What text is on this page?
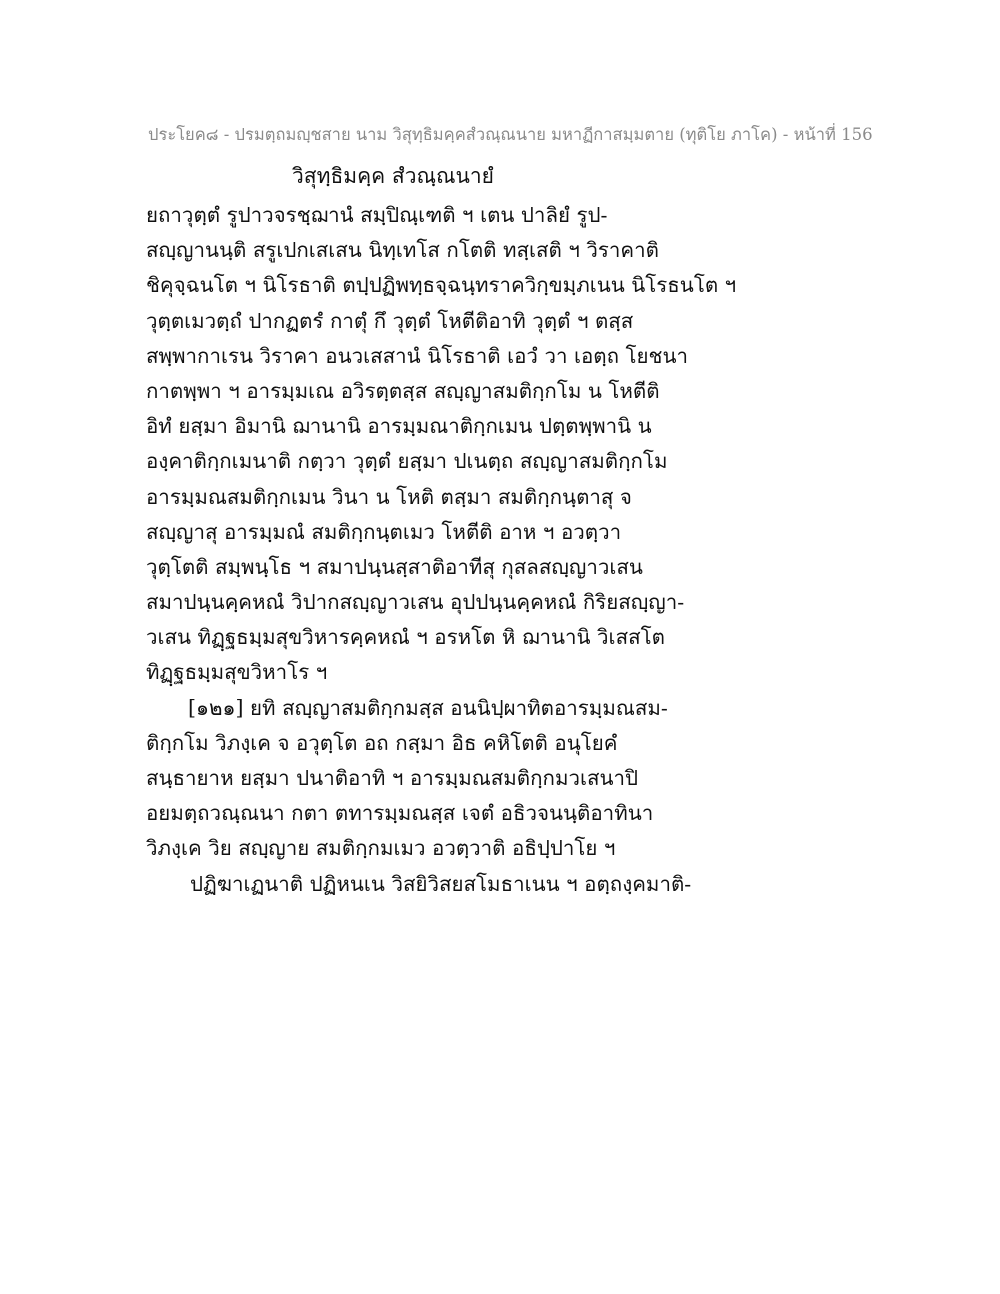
ประโยค๘ - ปรมตฺถมญฺชสาย นาม วิสุทฺธิมคฺคสํวณฺณนาย มหาฏีกาสมฺมตาย (ทุติโย ภาโค) - หน้าที่ 156
วิสุทฺธิมคฺค สํวณฺณนายํ
ยถาวุตฺตํ รูปาวจรชฺฌานํ สมฺปิณฺเฑติ ฯ เตน ปาลิยํ รูป-
สญฺญานนฺติ สรูเปกเสเสน นิทฺเทโส กโตติ ทสฺเสติ ฯ วิราคาติ
ชิคุจฺฉนโต ฯ นิโรธาติ ตปฺปฏิพทฺธจฺฉนฺทราควิกฺขมฺภเนน นิโรธนโต ฯ
วุตฺตเมวตฺถํ ปากฏตรํ กาตุํ กึ วุตฺตํ โหตีติอาทิ วุตฺตํ ฯ ตสฺส
สพฺพากาเรน วิราคา อนวเสสานํ นิโรธาติ เอวํ วา เอตฺถ โยชนา
กาตพฺพา ฯ อารมฺมเณ อวิรตฺตสฺส สญฺญาสมติกฺกโม น โหตีติ
อิทํ ยสฺมา อิมานิ ฌานานิ อารมฺมณาติกฺกเมน ปตฺตพฺพานิ น
องฺคาติกฺกเมนาติ กตฺวา วุตฺตํ ยสฺมา ปเนตฺถ สญฺญาสมติกฺกโม
อารมฺมณสมติกฺกเมน วินา น โหติ ตสฺมา สมติกฺกนฺตาสุ จ
สญฺญาสุ อารมฺมณํ สมติกฺกนฺตเมว โหตีติ อาห ฯ อวตฺวา
วุตฺโตติ สมฺพนฺโธ ฯ สมาปนฺนสฺสาติอาทีสุ กุสลสญฺญาวเสน
สมาปนฺนคฺคหณํ วิปากสญฺญาวเสน อุปปนฺนคฺคหณํ กิริยสญฺญา-
วเสน ทิฏฺฐธมฺมสุขวิหารคฺคหณํ ฯ อรหโต หิ ฌานานิ วิเสสโต
ทิฏฺฐธมฺมสุขวิหาโร ฯ
[๑๒๑] ยทิ สญฺญาสมติกฺกมสฺส อนนิปฺผาทิตอารมฺมณสม-
ติกฺกโม วิภงฺเค จ อวุตฺโต อถ กสฺมา อิธ คหิโตติ อนุโยคํ
สนฺธายาห ยสฺมา ปนาติอาทิ ฯ อารมฺมณสมติกฺกมวเสนาปิ
อยมตฺถวณฺณนา กตา ตทารมฺมณสฺส เจตํ อธิวจนนฺติอาทินา
วิภงฺเค วิย สญฺญาย สมติกฺกมเมว อวตฺวาติ อธิปฺปาโย ฯ
ปฏิฆาเฏนาติ ปฏิหนเน วิสยิวิสยสโมธาเนน ฯ อตฺถงฺคมาติ-
